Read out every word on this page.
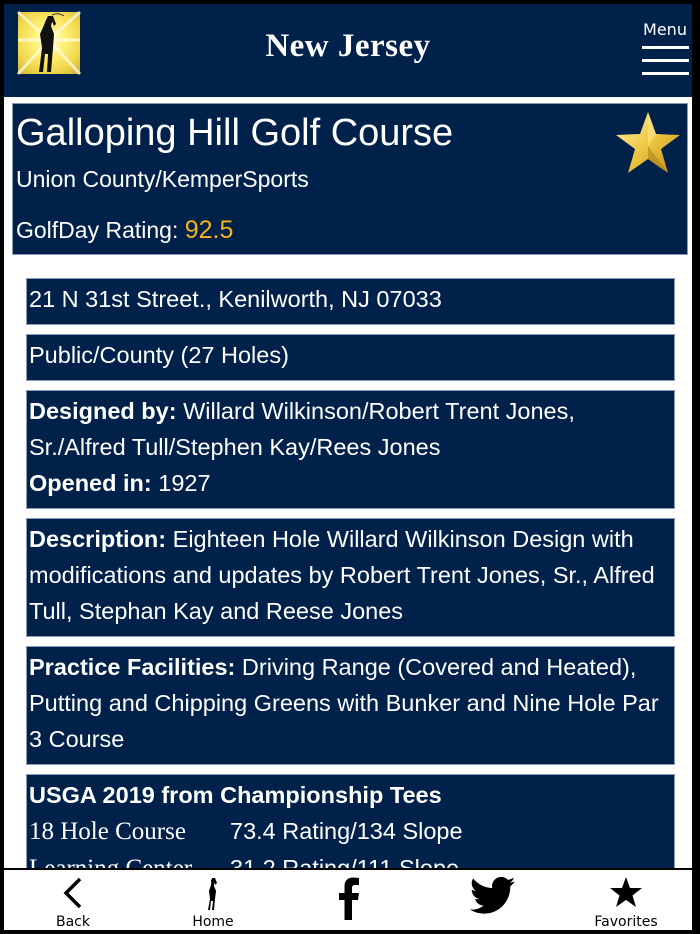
New Jersey	Menu
Galloping Hill Golf Course
Union County/KemperSports
GolfDay Rating: 92.5
21 N 31st Street., Kenilworth, NJ 07033
Public/County (27 Holes)
Designed by: Willard Wilkinson/Robert Trent Jones, Sr./Alfred Tull/Stephen Kay/Rees Jones
Opened in: 1927
Description: Eighteen Hole Willard Wilkinson Design with modifications and updates by Robert Trent Jones, Sr., Alfred Tull, Stephan Kay and Reese Jones
Practice Facilities: Driving Range (Covered and Heated), Putting and Chipping Greens with Bunker and Nine Hole Par 3 Course
USGA 2019 from Championship Tees
18 Hole Course 73.4 Rating/134 Slope
Back	Home	Favorites
